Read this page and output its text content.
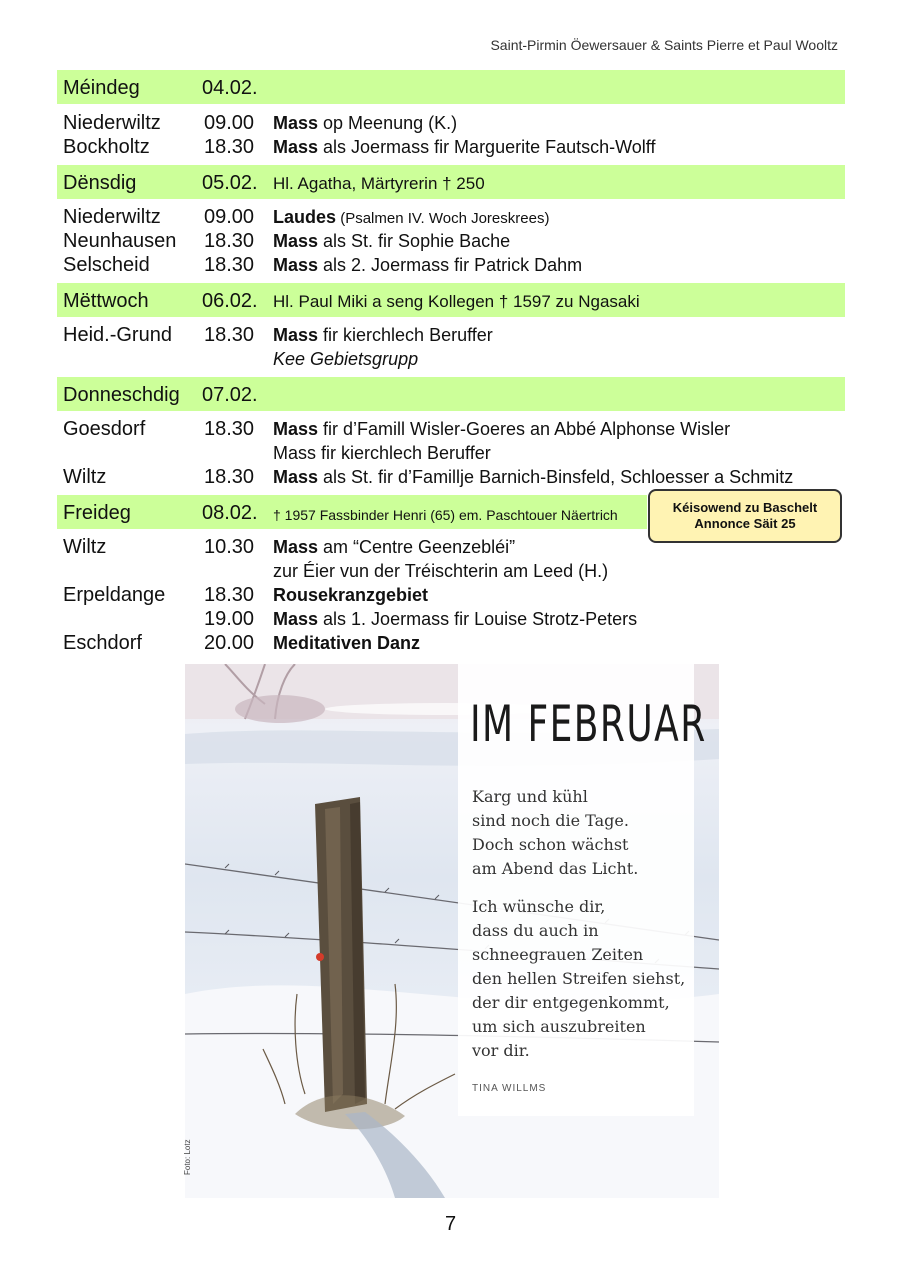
Saint-Pirmin Öewersauer & Saints Pierre et Paul Wooltz
Méindeg	04.02.
Niederwiltz 09.00 Mass op Meenung (K.)
Bockholtz	18.30 Mass als Joermass fir Marguerite Fautsch-Wolff
Dënsdig	05.02. Hl. Agatha, Märtyrerin † 250
Niederwiltz 09.00 Laudes (Psalmen IV. Woch Joreskrees)
Neunhausen 18.30 Mass als St. fir Sophie Bache
Selscheid	18.30 Mass als 2. Joermass fir Patrick Dahm
Mëttwoch	06.02. Hl. Paul Miki a seng Kollegen † 1597 zu Ngasaki
Heid.-Grund 18.30 Mass fir kierchlech Beruffer
Kee Gebietsgrupp
Donneschdig 07.02.
Goesdorf	18.30 Mass fir d’Famill Wisler-Goeres an Abbé Alphonse Wisler
Mass fir kierchlech Beruffer
Wiltz	18.30 Mass als St. fir d’Famillje Barnich-Binsfeld, Schloesser a Schmitz
Freideg	08.02. † 1957 Fassbinder Henri (65) em. Paschtouer Näertrich	Kéisowend zu Baschelt
Annonce Säit 25
Wiltz	10.30 Mass am “Centre Geenzebléi”
zur Éier vun der Tréischterin am Leed (H.)
Erpeldange 18.30 Rousekranzgebiet
19.00 Mass als 1. Joermass fir Louise Strotz-Peters
Eschdorf	20.00 Meditativen Danz
IM FEBRUAR
Karg und kühl
sind noch die Tage.
Doch schon wächst
am Abend das Licht.
Ich wünsche dir,
dass du auch in
schneegrauen Zeiten
den hellen Streifen siehst,
der dir entgegenkommt,
um sich auszubreiten
vor dir.
TINA WILLMS
Foto: Lotz
7
